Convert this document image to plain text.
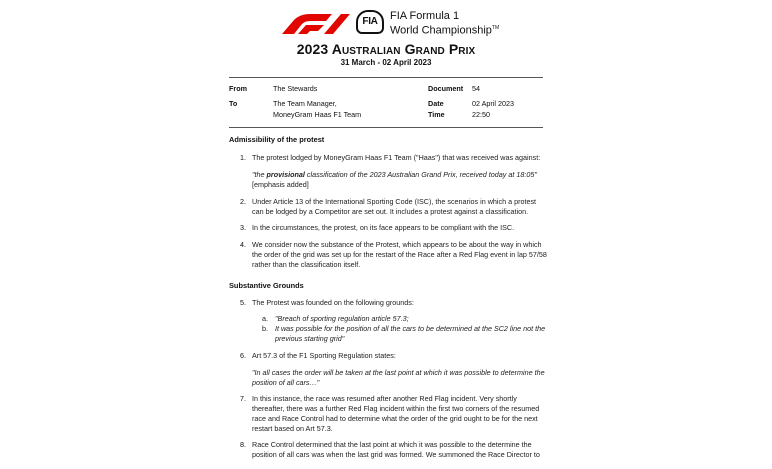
FIA	FIA Formula 1
World Championship™
2023 Australian Grand Prix
31 March - 02 April 2023
From	The Stewards	Document 54
To	The Team Manager,
MoneyGram Haas F1 Team
Date	02 April 2023
Time	22:50
Admissibility of the protest
1. The protest lodged by MoneyGram Haas F1 Team ("Haas") that was received was against:
"the provisional classification of the 2023 Australian Grand Prix, received today at 18:05"
[emphasis added]
2. Under Article 13 of the International Sporting Code (ISC), the scenarios in which a protest
can be lodged by a Competitor are set out. It includes a protest against a classification.
3. In the circumstances, the protest, on its face appears to be compliant with the ISC.
4. We consider now the substance of the Protest, which appears to be about the way in which
the order of the grid was set up for the restart of the Race after a Red Flag event in lap 57/58
rather than the classification itself.
Substantive Grounds
5. The Protest was founded on the following grounds:
a. "Breach of sporting regulation article 57.3;
b. It was possible for the position of all the cars to be determined at the SC2 line not the
previous starting grid"
6. Art 57.3 of the F1 Sporting Regulation states:
"In all cases the order will be taken at the last point at which it was possible to determine the
position of all cars…"
7. In this instance, the race was resumed after another Red Flag incident. Very shortly
thereafter, there was a further Red Flag incident within the first two corners of the resumed
race and Race Control had to determine what the order of the grid ought to be for the next
restart based on Art 57.3.
8. Race Control determined that the last point at which it was possible to the determine the
position of all cars was when the last grid was formed. We summoned the Race Director to
